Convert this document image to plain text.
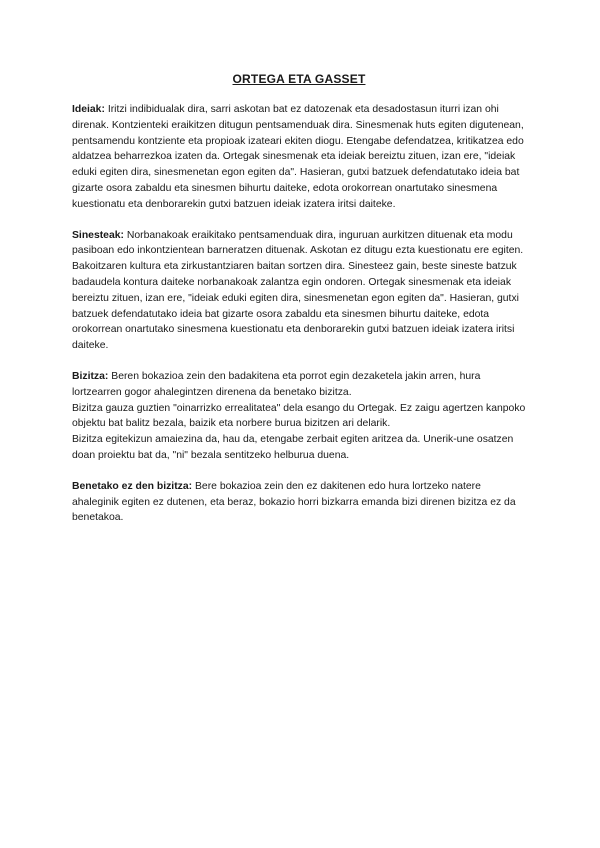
ORTEGA ETA GASSET

Ideiak: Iritzi indibidualak dira, sarri askotan bat ez datozenak eta desadostasun iturri izan ohi direnak. Kontzienteki eraikitzen ditugun pentsamenduak dira. Sinesmenak huts egiten digutenean, pentsamendu kontziente eta propioak izateari ekiten diogu. Etengabe defendatzea, kritikatzea edo aldatzea beharrezkoa izaten da. Ortegak sinesmenak eta ideiak bereiztu zituen, izan ere, "ideiak eduki egiten dira, sinesmenetan egon egiten da". Hasieran, gutxi batzuek defendatutako ideia bat gizarte osora zabaldu eta sinesmen bihurtu daiteke, edota orokorrean onartutako sinesmena kuestionatu eta denborarekin gutxi batzuen ideiak izatera iritsi daiteke.

Sinesteak: Norbanakoak eraikitako pentsamenduak dira, inguruan aurkitzen dituenak eta modu pasiboan edo inkontzientean barneratzen dituenak. Askotan ez ditugu ezta kuestionatu ere egiten. Bakoitzaren kultura eta zirkustantziaren baitan sortzen dira. Sinesteez gain, beste sineste batzuk badaudela kontura daiteke norbanakoak zalantza egin ondoren. Ortegak sinesmenak eta ideiak bereiztu zituen, izan ere, "ideiak eduki egiten dira, sinesmenetan egon egiten da". Hasieran, gutxi batzuek defendatutako ideia bat gizarte osora zabaldu eta sinesmen bihurtu daiteke, edota orokorrean onartutako sinesmena kuestionatu eta denborarekin gutxi batzuen ideiak izatera iritsi daiteke.

Bizitza: Beren bokazioa zein den badakitena eta porrot egin dezaketela jakin arren, hura lortzearren gogor ahalegintzen direnena da benetako bizitza.

Bizitza gauza guztien "oinarrizko errealitatea" dela esango du Ortegak. Ez zaigu agertzen kanpoko objektu bat balitz bezala, baizik eta norbere burua bizitzen ari delarik.

Bizitza egitekizun amaiezina da, hau da, etengabe zerbait egiten aritzea da. Unerik-une osatzen doan proiektu bat da, "ni" bezala sentitzeko helburua duena.

Benetako ez den bizitza: Bere bokazioa zein den ez dakitenen edo hura lortzeko natere ahaleginik egiten ez dutenen, eta beraz, bokazio horri bizkarra emanda bizi direnen bizitza ez da benetakoa.
